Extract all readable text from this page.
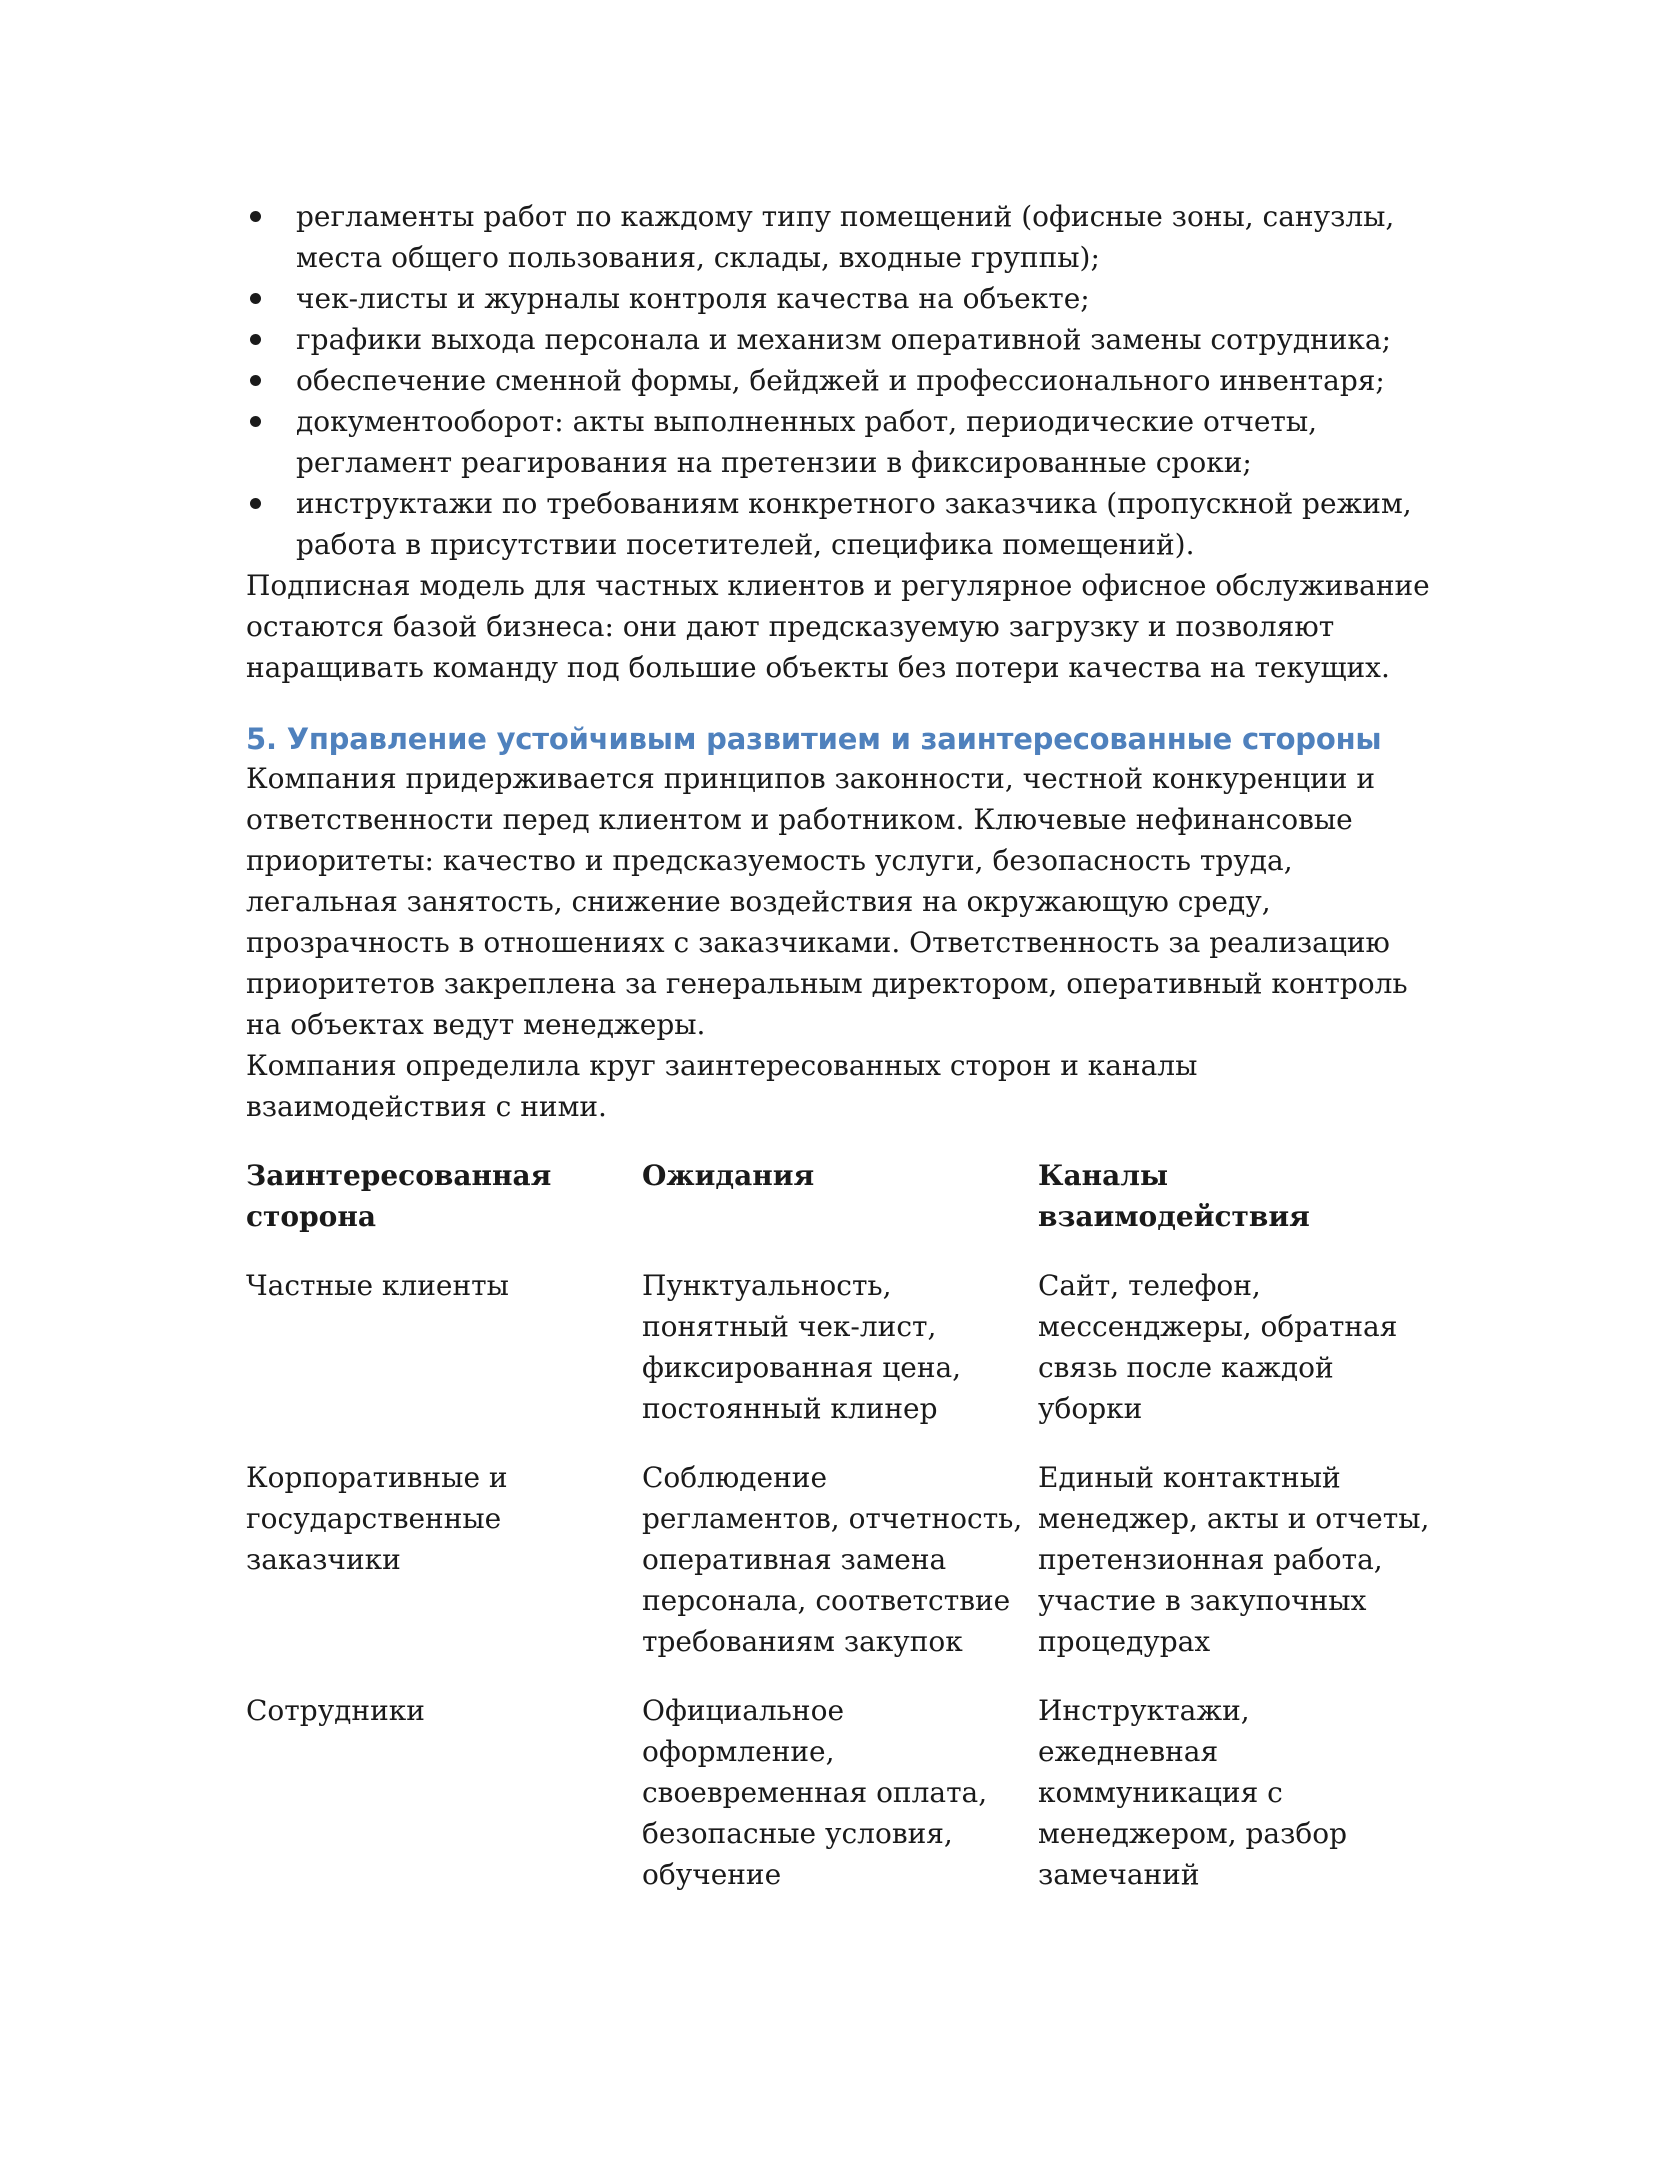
регламенты работ по каждому типу помещений (офисные зоны, санузлы, места общего пользования, склады, входные группы);
чек-листы и журналы контроля качества на объекте;
графики выхода персонала и механизм оперативной замены сотрудника;
обеспечение сменной формы, бейджей и профессионального инвентаря;
документооборот: акты выполненных работ, периодические отчеты, регламент реагирования на претензии в фиксированные сроки;
инструктажи по требованиям конкретного заказчика (пропускной режим, работа в присутствии посетителей, специфика помещений).

Подписная модель для частных клиентов и регулярное офисное обслуживание остаются базой бизнеса: они дают предсказуемую загрузку и позволяют наращивать команду под большие объекты без потери качества на текущих.

5. Управление устойчивым развитием и заинтересованные стороны

Компания придерживается принципов законности, честной конкуренции и ответственности перед клиентом и работником. Ключевые нефинансовые приоритеты: качество и предсказуемость услуги, безопасность труда, легальная занятость, снижение воздействия на окружающую среду, прозрачность в отношениях с заказчиками. Ответственность за реализацию приоритетов закреплена за генеральным директором, оперативный контроль на объектах ведут менеджеры.

Компания определила круг заинтересованных сторон и каналы взаимодействия с ними.

Заинтересованная сторона	Ожидания	Каналы взаимодействия
Частные клиенты	Пунктуальность, понятный чек-лист, фиксированная цена, постоянный клинер	Сайт, телефон, мессенджеры, обратная связь после каждой уборки
Корпоративные и государственные заказчики	Соблюдение регламентов, отчетность, оперативная замена персонала, соответствие требованиям закупок	Единый контактный менеджер, акты и отчеты, претензионная работа, участие в закупочных процедурах
Сотрудники	Официальное оформление, своевременная оплата, безопасные условия, обучение	Инструктажи, ежедневная коммуникация с менеджером, разбор замечаний
